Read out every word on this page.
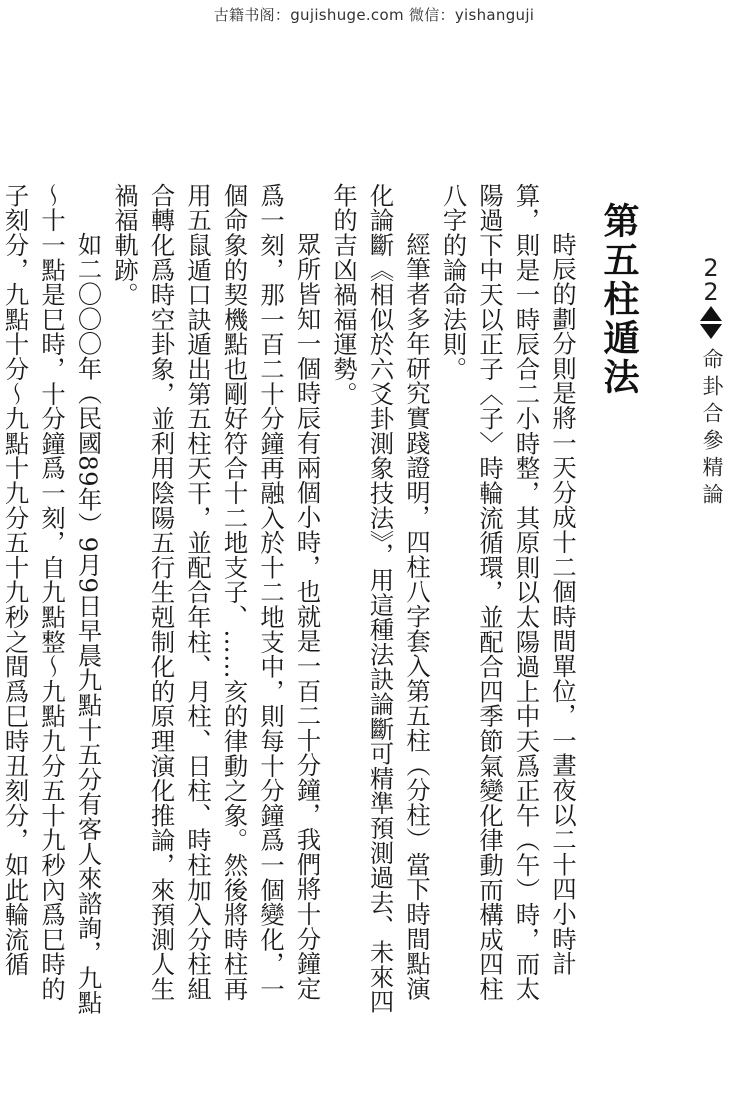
古籍书阁：gujishuge.com 微信：yishanguji
2
2
命卦合參精論
第五柱遁法

時辰的劃分則是將一天分成十二個時間單位，一晝夜以二十四小時計算，則是一時辰合二小時整，其原則以太陽過上中天爲正午（午）時，而太陽過下中天以正子〈子〉時輪流循環，並配合四季節氣變化律動而構成四柱八字的論命法則。

經筆者多年研究實踐證明，四柱八字套入第五柱（分柱）當下時間點演化論斷《相似於六爻卦測象技法》，用這種法訣論斷可精準預測過去、未來四年的吉凶禍福運勢。

眾所皆知一個時辰有兩個小時，也就是一百二十分鐘，我們將十分鐘定爲一刻，那一百二十分鐘再融入於十二地支中，則每十分鐘爲一個變化，一個命象的契機點也剛好符合十二地支子、……亥的律動之象。然後將時柱再用五鼠遁口訣遁出第五柱天干，並配合年柱、月柱、日柱、時柱加入分柱組合轉化爲時空卦象，並利用陰陽五行生剋制化的原理演化推論，來預測人生禍福軌跡。

如二〇〇〇年（民國89年）9月9日早晨九點十五分有客人來諮詢，九點～十一點是巳時，十分鐘爲一刻，自九點整～九點九分五十九秒內爲巳時的子刻分，九點十分～九點十九分五十九秒之間爲巳時丑刻分，如此輪流循
